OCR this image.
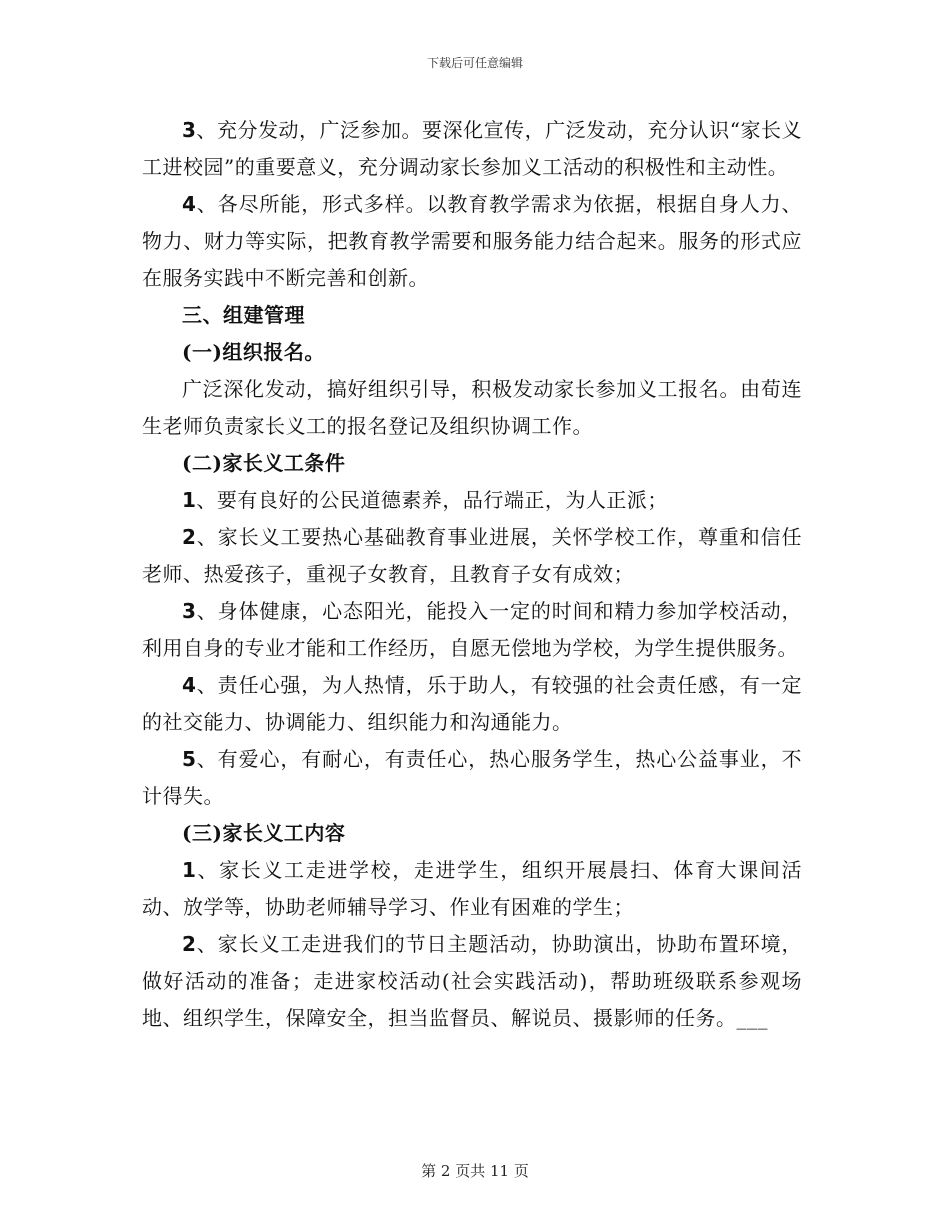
下载后可任意编辑

3、充分发动，广泛参加。要深化宣传，广泛发动，充分认识“家长义工进校园”的重要意义，充分调动家长参加义工活动的积极性和主动性。

4、各尽所能，形式多样。以教育教学需求为依据，根据自身人力、物力、财力等实际，把教育教学需要和服务能力结合起来。服务的形式应在服务实践中不断完善和创新。

三、组建管理

(一)组织报名。

广泛深化发动，搞好组织引导，积极发动家长参加义工报名。由荀连生老师负责家长义工的报名登记及组织协调工作。

(二)家长义工条件

1、要有良好的公民道德素养，品行端正，为人正派；

2、家长义工要热心基础教育事业进展，关怀学校工作，尊重和信任老师、热爱孩子，重视子女教育，且教育子女有成效；

3、身体健康，心态阳光，能投入一定的时间和精力参加学校活动，利用自身的专业才能和工作经历，自愿无偿地为学校，为学生提供服务。

4、责任心强，为人热情，乐于助人，有较强的社会责任感，有一定的社交能力、协调能力、组织能力和沟通能力。

5、有爱心，有耐心，有责任心，热心服务学生，热心公益事业，不计得失。

(三)家长义工内容

1、家长义工走进学校，走进学生，组织开展晨扫、体育大课间活动、放学等，协助老师辅导学习、作业有困难的学生；

2、家长义工走进我们的节日主题活动，协助演出，协助布置环境，做好活动的准备；走进家校活动(社会实践活动)，帮助班级联系参观场地、组织学生，保障安全，担当监督员、解说员、摄影师的任务。___

第 2 页共 11 页
